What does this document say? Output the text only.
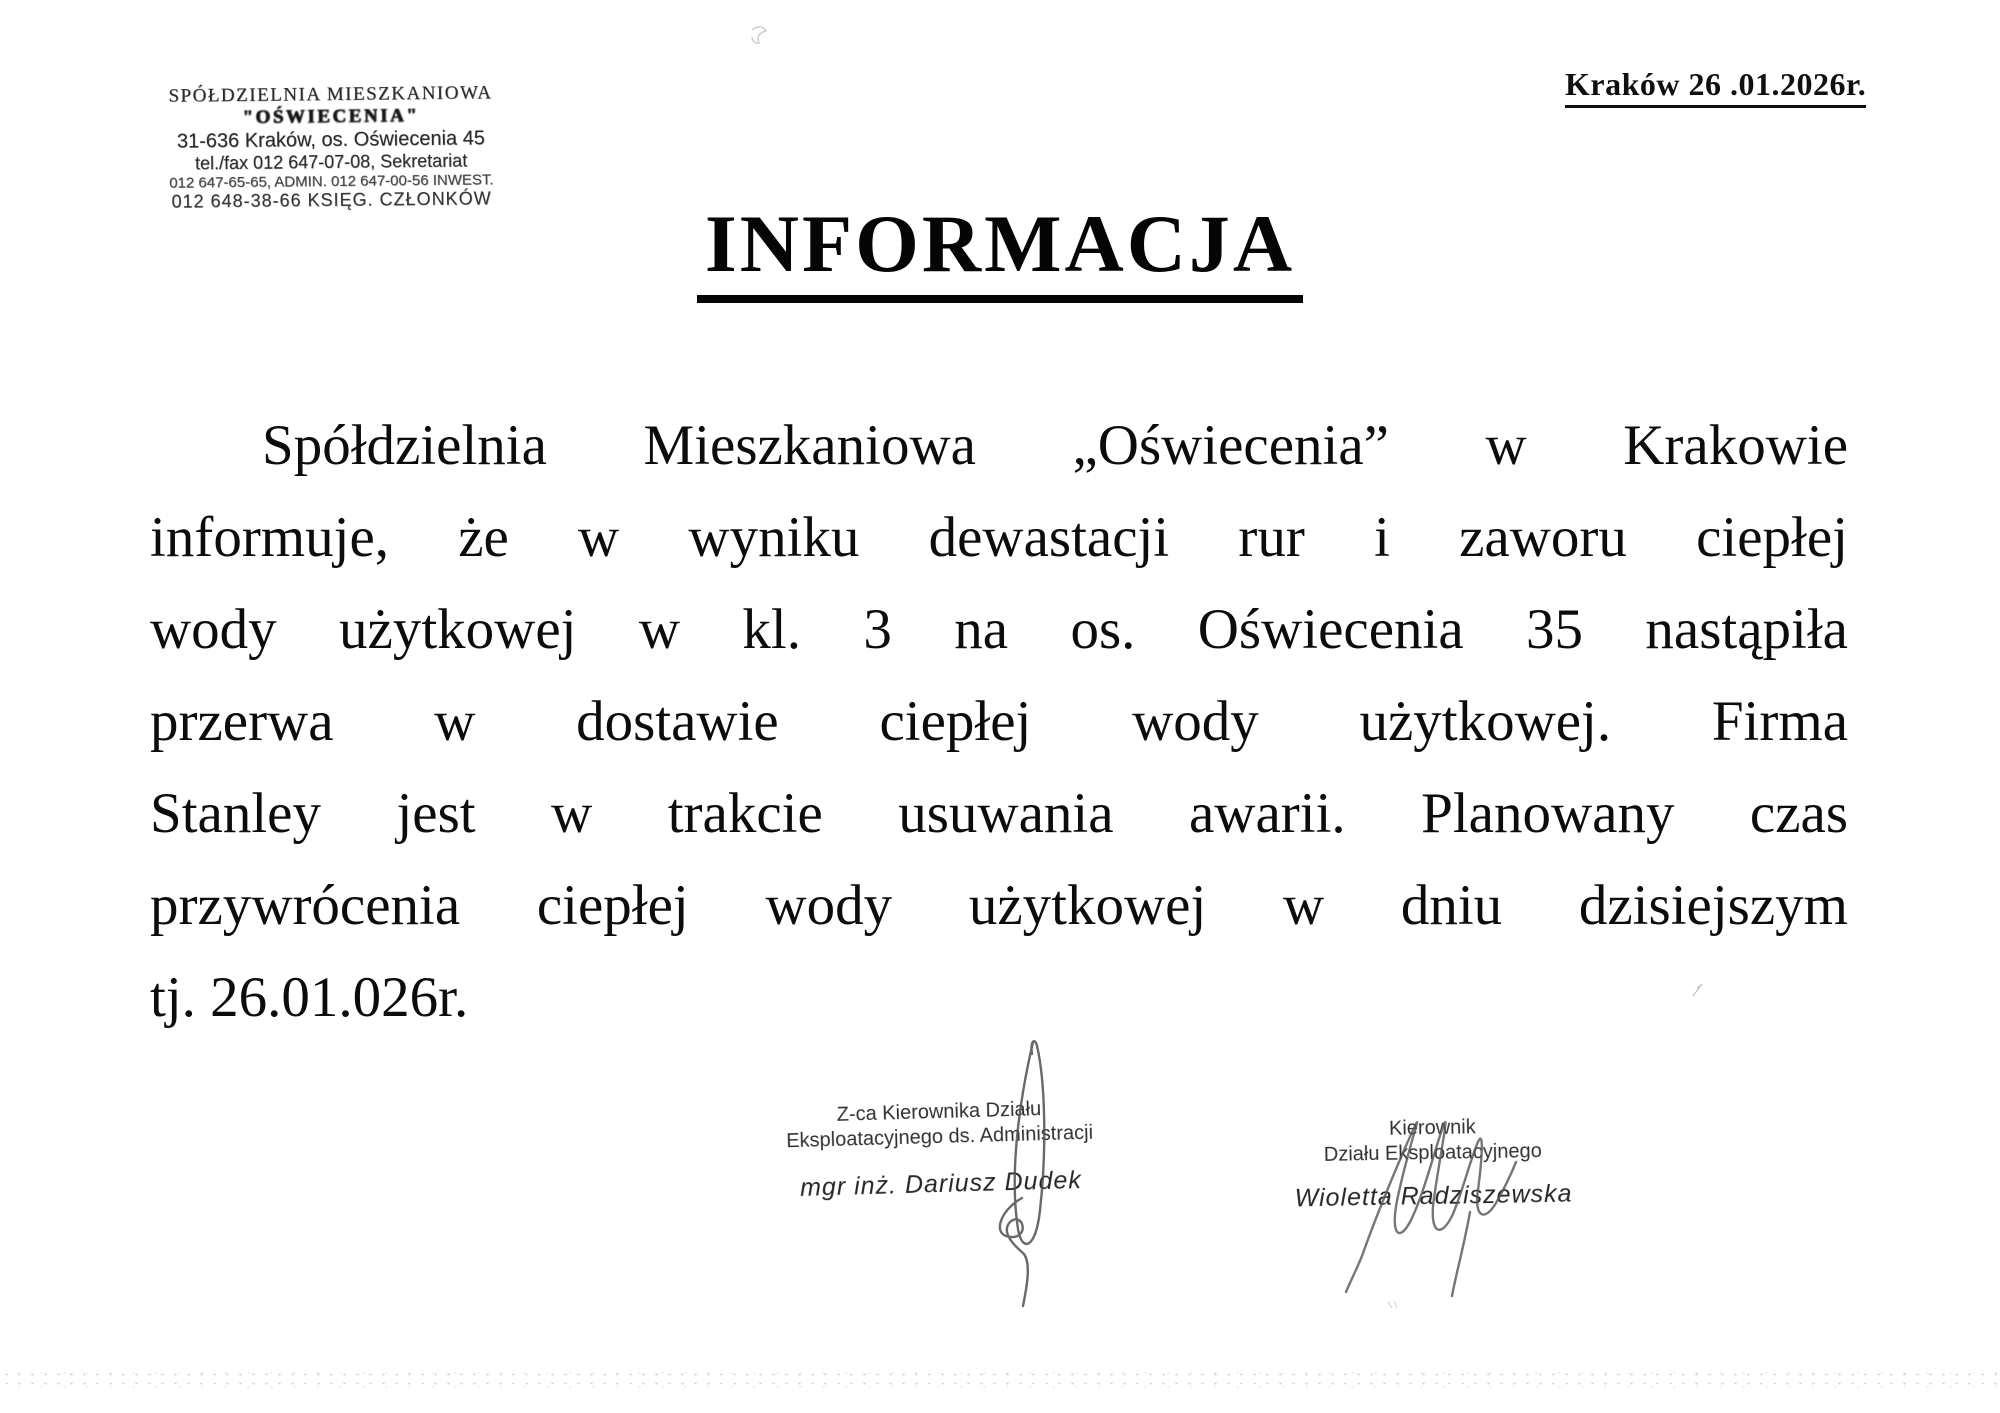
SPÓŁDZIELNIA MIESZKANIOWA
"OŚWIECENIA"
31-636 Kraków, os. Oświecenia 45
tel./fax 012 647-07-08, Sekretariat
012 647-65-65, ADMIN. 012 647-00-56 INWEST.
012 648-38-66 KSIĘG. CZŁONKÓW
Kraków 26 .01.2026r.
INFORMACJA
Spółdzielnia Mieszkaniowa „Oświecenia” w Krakowie
informuje, że w wyniku dewastacji rur i zaworu ciepłej
wody użytkowej w kl. 3 na os. Oświecenia 35 nastąpiła
przerwa w dostawie ciepłej wody użytkowej. Firma
Stanley jest w trakcie usuwania awarii. Planowany czas
przywrócenia ciepłej wody użytkowej w dniu dzisiejszym
tj. 26.01.026r.
Z-ca Kierownika Działu
Eksploatacyjnego ds. Administracji
mgr inż. Dariusz Dudek
Kierownik
Działu Eksploatacyjnego
Wioletta Radziszewska
